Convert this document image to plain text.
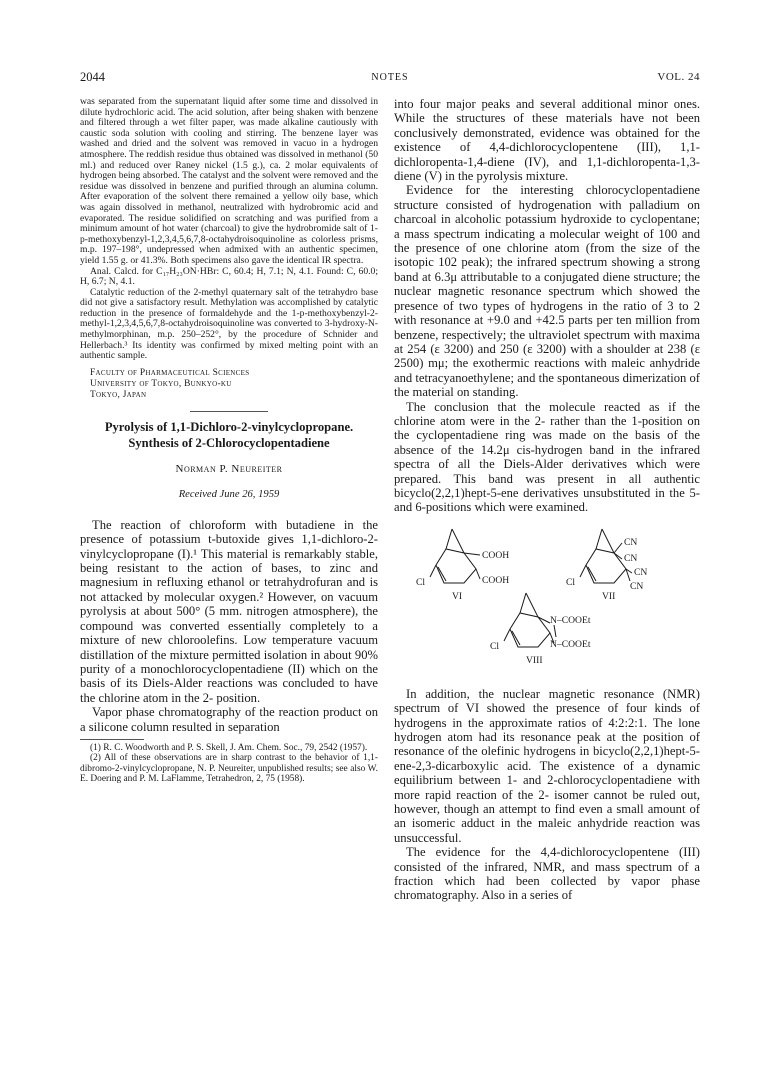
2044	NOTES	VOL. 24

was separated from the supernatant liquid after some time and dissolved in dilute hydrochloric acid. The acid solution, after being shaken with benzene and filtered through a wet filter paper, was made alkaline cautiously with caustic soda solution with cooling and stirring. The benzene layer was washed and dried and the solvent was removed in vacuo in a hydrogen atmosphere. The reddish residue thus obtained was dissolved in methanol (50 ml.) and reduced over Raney nickel (1.5 g.), ca. 2 molar equivalents of hydrogen being absorbed. The catalyst and the solvent were removed and the residue was dissolved in benzene and purified through an alumina column. After evaporation of the solvent there remained a yellow oily base, which was again dissolved in methanol, neutralized with hydrobromic acid and evaporated. The residue solidified on scratching and was purified from a minimum amount of hot water (charcoal) to give the hydrobromide salt of 1-p-methoxybenzyl-1,2,3,4,5,6,7,8-octahydroisoquinoline as colorless prisms, m.p. 197–198°, undepressed when admixed with an authentic specimen, yield 1.55 g. or 41.3%. Both specimens also gave the identical IR spectra.

Anal. Calcd. for C₁₇H₂₃ON·HBr: C, 60.4; H, 7.1; N, 4.1. Found: C, 60.0; H, 6.7; N, 4.1.

Catalytic reduction of the 2-methyl quaternary salt of the tetrahydro base did not give a satisfactory result. Methylation was accomplished by catalytic reduction in the presence of formaldehyde and the 1-p-methoxybenzyl-2-methyl-1,2,3,4,5,6,7,8-octahydroisoquinoline was converted to 3-hydroxy-N-methylmorphinan, m.p. 250–252°, by the procedure of Schnider and Hellerbach.³ Its identity was confirmed by mixed melting point with an authentic sample.

Faculty of Pharmaceutical Sciences
University of Tokyo, Bunkyo-ku
Tokyo, Japan
Pyrolysis of 1,1-Dichloro-2-vinylcyclopropane. Synthesis of 2-Chlorocyclopentadiene
Norman P. Neureiter
Received June 26, 1959

The reaction of chloroform with butadiene in the presence of potassium t-butoxide gives 1,1-dichloro-2-vinylcyclopropane (I).¹ This material is remarkably stable, being resistant to the action of bases, to zinc and magnesium in refluxing ethanol or tetrahydrofuran and is not attacked by molecular oxygen.² However, on vacuum pyrolysis at about 500° (5 mm. nitrogen atmosphere), the compound was converted essentially completely to a mixture of new chloroolefins. Low temperature vacuum distillation of the mixture permitted isolation in about 90% purity of a monochlorocyclopentadiene (II) which on the basis of its Diels-Alder reactions was concluded to have the chlorine atom in the 2- position.

Vapor phase chromatography of the reaction product on a silicone column resulted in separation

(1) R. C. Woodworth and P. S. Skell, J. Am. Chem. Soc., 79, 2542 (1957).

(2) All of these observations are in sharp contrast to the behavior of 1,1-dibromo-2-vinylcyclopropane, N. P. Neureiter, unpublished results; see also W. E. Doering and P. M. LaFlamme, Tetrahedron, 2, 75 (1958).

into four major peaks and several additional minor ones. While the structures of these materials have not been conclusively demonstrated, evidence was obtained for the existence of 4,4-dichlorocyclopentene (III), 1,1-dichloropenta-1,4-diene (IV), and 1,1-dichloropenta-1,3-diene (V) in the pyrolysis mixture.

Evidence for the interesting chlorocyclopentadiene structure consisted of hydrogenation with palladium on charcoal in alcoholic potassium hydroxide to cyclopentane; a mass spectrum indicating a molecular weight of 100 and the presence of one chlorine atom (from the size of the isotopic 102 peak); the infrared spectrum showing a strong band at 6.3μ attributable to a conjugated diene structure; the nuclear magnetic resonance spectrum which showed the presence of two types of hydrogens in the ratio of 3 to 2 with resonance at +9.0 and +42.5 parts per ten million from benzene, respectively; the ultraviolet spectrum with maxima at 254 (ε 3200) and 250 (ε 3200) with a shoulder at 238 (ε 2500) mμ; the exothermic reactions with maleic anhydride and tetracyanoethylene; and the spontaneous dimerization of the material on standing.

The conclusion that the molecule reacted as if the chlorine atom were in the 2- rather than the 1-position on the cyclopentadiene ring was made on the basis of the absence of the 14.2μ cis-hydrogen band in the infrared spectra of all the Diels-Alder derivatives which were prepared. This band was present in all authentic bicyclo(2,2,1)hept-5-ene derivatives unsubstituted in the 5- and 6-positions which were examined.

COOH
COOH
Cl
VI
CN
CN
CN
CN
Cl
VII
N–COOEt
N–COOEt
Cl
VIII

In addition, the nuclear magnetic resonance (NMR) spectrum of VI showed the presence of four kinds of hydrogens in the approximate ratios of 4:2:2:1. The lone hydrogen atom had its resonance peak at the position of resonance of the olefinic hydrogens in bicyclo(2,2,1)hept-5-ene-2,3-dicarboxylic acid. The existence of a dynamic equilibrium between 1- and 2-chlorocyclopentadiene with more rapid reaction of the 2- isomer cannot be ruled out, however, though an attempt to find even a small amount of an isomeric adduct in the maleic anhydride reaction was unsuccessful.

The evidence for the 4,4-dichlorocyclopentene (III) consisted of the infrared, NMR, and mass spectrum of a fraction which had been collected by vapor phase chromatography. Also in a series of
